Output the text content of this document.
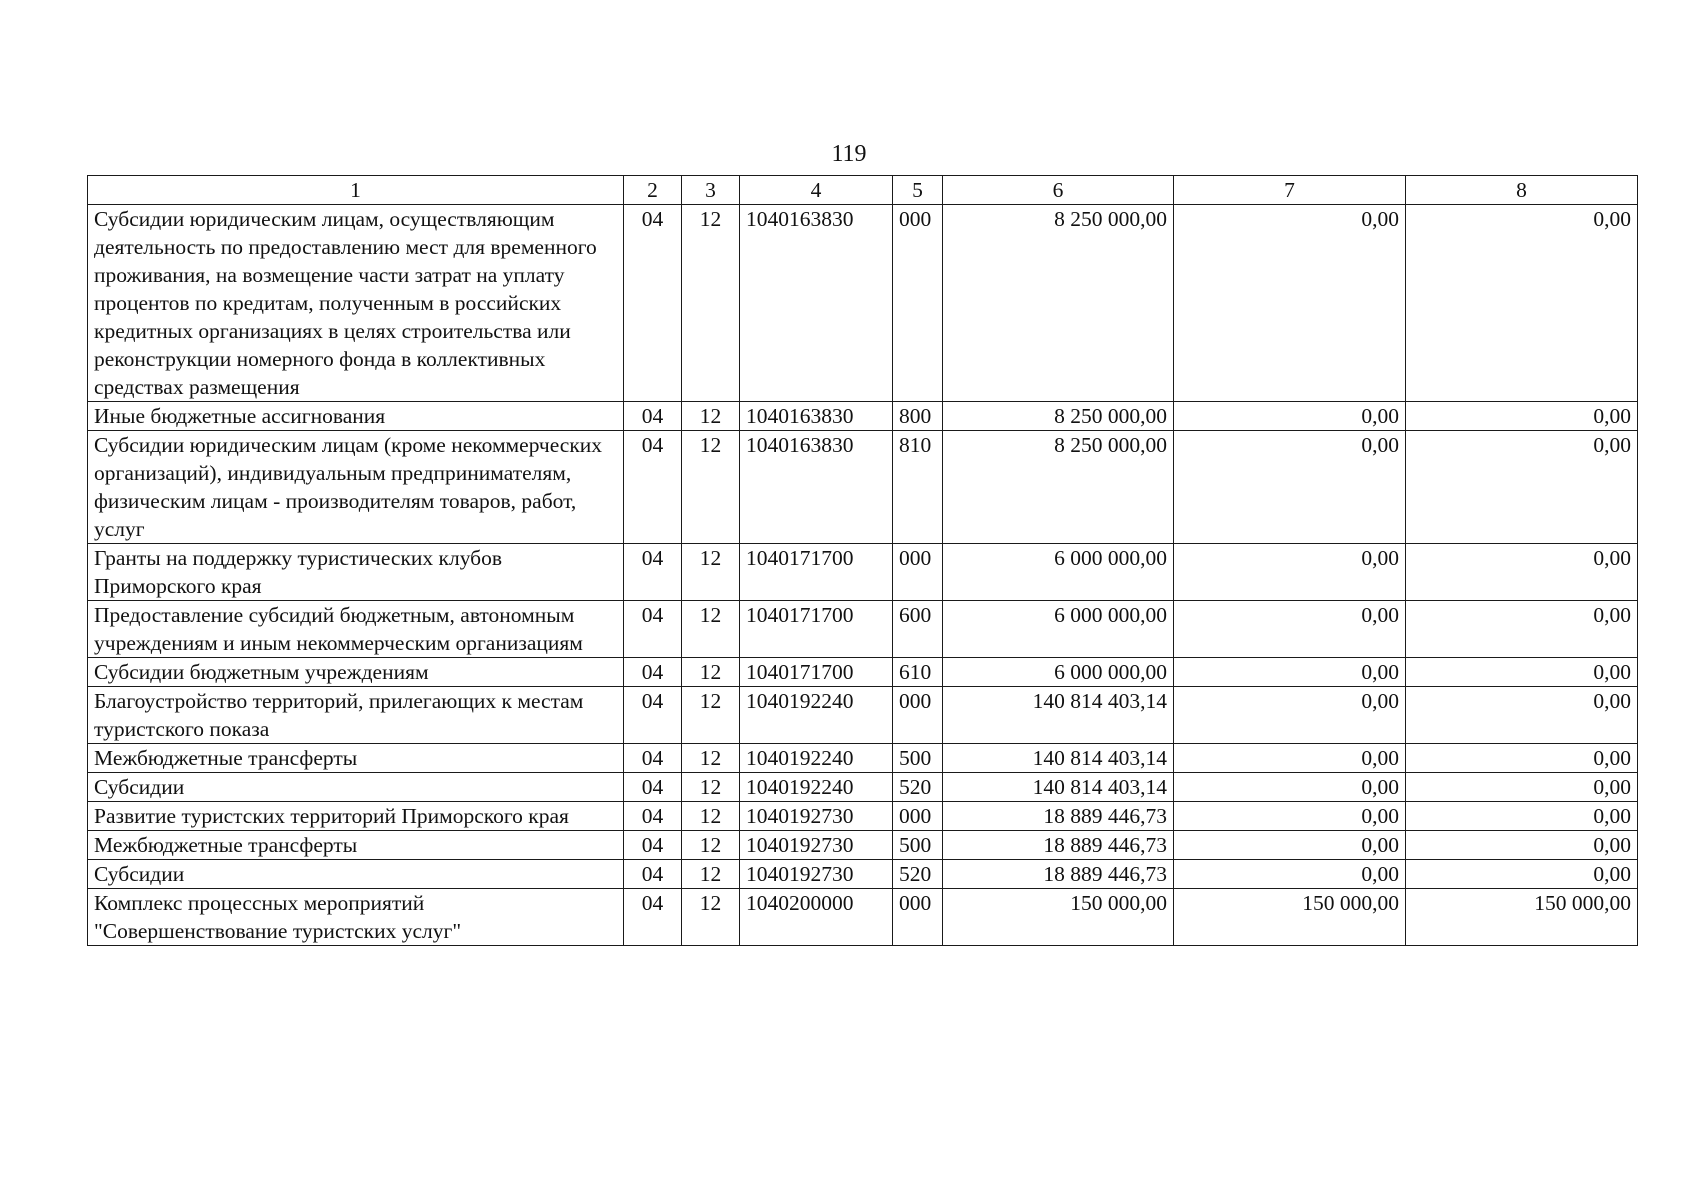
119
1	2	3	4	5	6	7	8
Субсидии юридическим лицам, осуществляющим деятельность по предоставлению мест для временного проживания, на возмещение части затрат на уплату процентов по кредитам, полученным в российских кредитных организациях в целях строительства или реконструкции номерного фонда в коллективных средствах размещения	04	12	1040163830	000	8 250 000,00	0,00	0,00
Иные бюджетные ассигнования	04	12	1040163830	800	8 250 000,00	0,00	0,00
Субсидии юридическим лицам (кроме некоммерческих организаций), индивидуальным предпринимателям, физическим лицам - производителям товаров, работ, услуг	04	12	1040163830	810	8 250 000,00	0,00	0,00
Гранты на поддержку туристических клубов Приморского края	04	12	1040171700	000	6 000 000,00	0,00	0,00
Предоставление субсидий бюджетным, автономным учреждениям и иным некоммерческим организациям	04	12	1040171700	600	6 000 000,00	0,00	0,00
Субсидии бюджетным учреждениям	04	12	1040171700	610	6 000 000,00	0,00	0,00
Благоустройство территорий, прилегающих к местам туристского показа	04	12	1040192240	000	140 814 403,14	0,00	0,00
Межбюджетные трансферты	04	12	1040192240	500	140 814 403,14	0,00	0,00
Субсидии	04	12	1040192240	520	140 814 403,14	0,00	0,00
Развитие туристских территорий Приморского края	04	12	1040192730	000	18 889 446,73	0,00	0,00
Межбюджетные трансферты	04	12	1040192730	500	18 889 446,73	0,00	0,00
Субсидии	04	12	1040192730	520	18 889 446,73	0,00	0,00
Комплекс процессных мероприятий "Совершенствование туристских услуг"	04	12	1040200000	000	150 000,00	150 000,00	150 000,00
